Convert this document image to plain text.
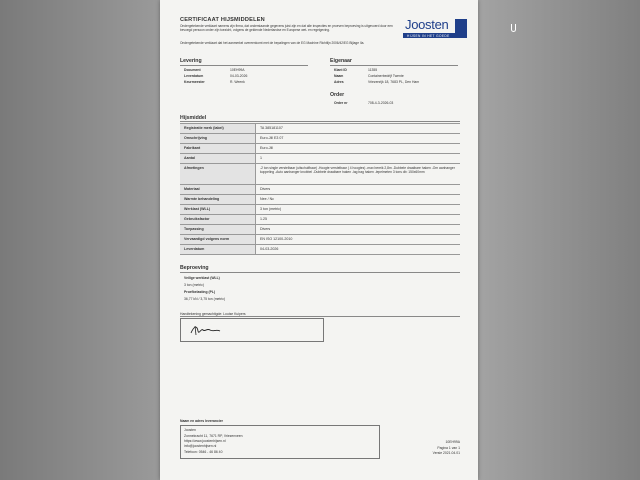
CERTIFICAAT HIJSMIDDELEN
Ondergetekende verklaart namens zijn firma, dat onderstaande gegevens juist zijn en dat alle inspecties en proeven beproeving is uitgevoerd door een bevoegd persoon onder zijn toezicht, volgens de geldende Nederlandse en Europese wet- en regelgeving.
Ondergetekende verklaart dat het aanmerkel overeenkomt met de bepalingen van de EG Machine Richtlijn 2006/42/EG Bijlage IIa.
Joosten
HIJSEN IN HET GOEDE
Levering
Document	10EH99A
Leverdatum	04-03-2026
Keurmeester	R. Weenk
Eigenaar
Klant ID	11355
Naam	Containerbedrijf Twente
Adres	Vriezenrijk 18, 7683 PL, Den Ham
Order
Order nr	708-4-3-2026-03
Hijsmiddel
Registratie merk (label)	TA 385181107
Omschrijving	Euro-Jill E3 07
Fabrikant	Euro-Jill
Aantal	1
Afmetingen	-2 ton single verstelbaar (uitschuifbaar) -Hoogte verstelbaar ( 4 hoogtes) -max bereik 2,8m -Dubbele draaibare haken -Om aanhanger koppeling -Auto aanhanger knobbel -Dubbele draaibare haken -lag bag haken -lepelmeten 3 tons db: 150x60mm
Materiaal	Divers
Warmte behandeling	Nee / Nc
Werklast (WLL)	3 ton (metric)
Gebruiksfactor	1.25
Toepassing	Divers
Vervaardigd volgens norm	EN ISO 12100-2010
Leverdatum	04-03-2026
Beproeving
Veilige werklast (WLL)
3 ton (metric)
Proefbelasting (PL)
36,77 kN / 3,75 ton (metric)
Handtekening gemachtigde: Louise Kuipers
Naam en adres leverancier
Joosten
Zonnekracht 11, 7671 RP, Vriezenveen
https://www.joostenhijsen.nl
info@joostenhijsen.nl
Telefoon: 0546 - 46 86 40
10EH99A
Pagina 1 van 1
Versie 2021.04.01
